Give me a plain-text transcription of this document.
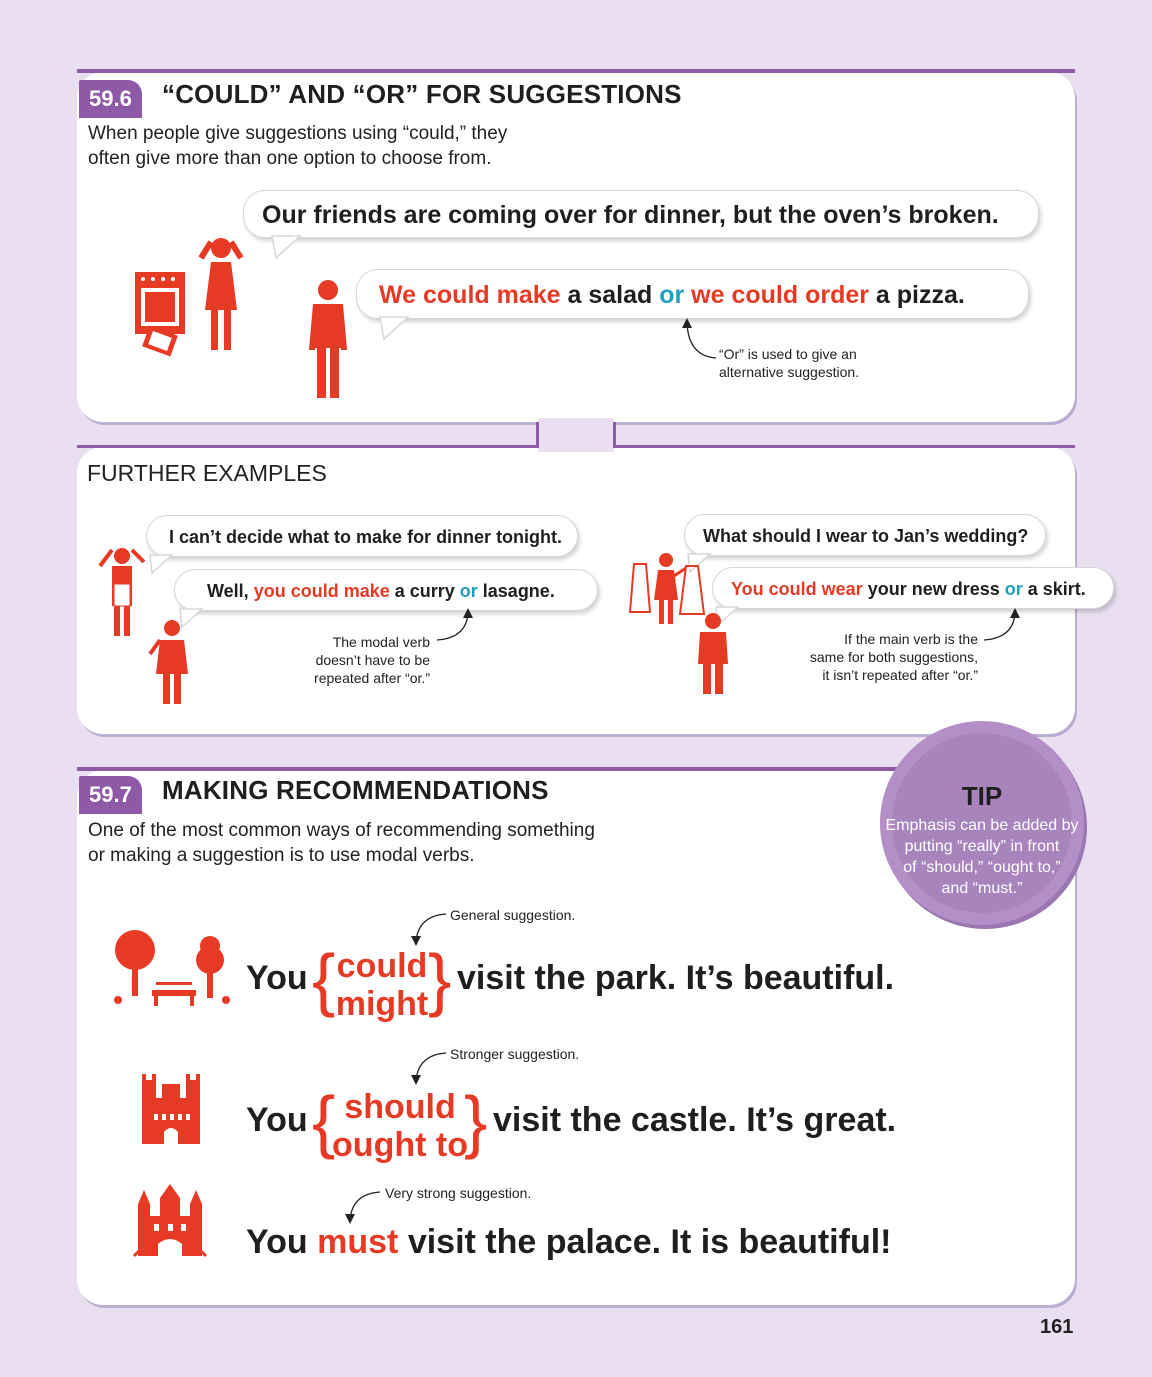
59.6	“COULD” AND “OR” FOR SUGGESTIONS
When people give suggestions using “could,” they
often give more than one option to choose from.
Our friends are coming over for dinner, but the oven’s broken.
We could make a salad or we could order a pizza.
“Or” is used to give an
alternative suggestion.
FURTHER EXAMPLES
I can’t decide what to make for dinner tonight.
Well, you could make a curry or lasagne.
The modal verb
doesn’t have to be
repeated after “or.”
What should I wear to Jan’s wedding?
You could wear your new dress or a skirt.
If the main verb is the
same for both suggestions,
it isn’t repeated after “or.”
59.7	MAKING RECOMMENDATIONS
One of the most common ways of recommending something
or making a suggestion is to use modal verbs.
TIP
Emphasis can be added by
putting “really” in front
of “should,” “ought to,”
and “must.”
General suggestion.
You { could
might } visit the park. It’s beautiful.
Stronger suggestion.
You { should
ought to
} visit the castle. It’s great.
Very strong suggestion.
You must visit the palace. It is beautiful!
161
